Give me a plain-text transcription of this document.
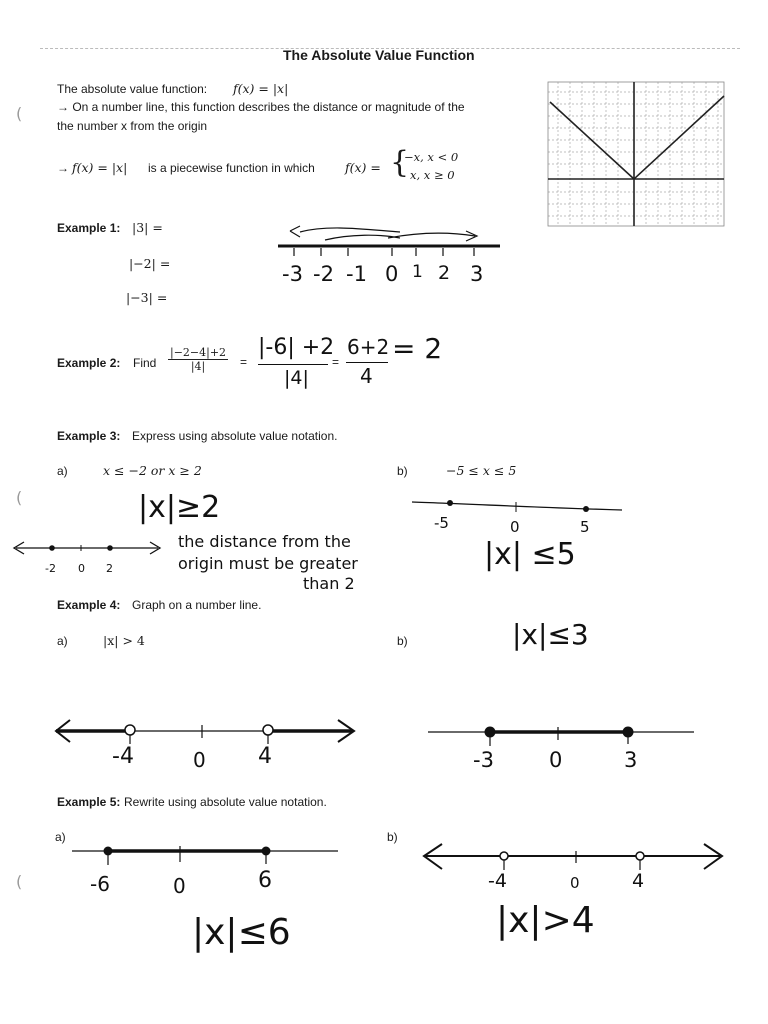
The Absolute Value Function
(
(
(
The absolute value function: f(x) = |x|
→ On a number line, this function describes the distance or magnitude of the
the number x from the origin
→ f(x) = |x| is a piecewise function in which f(x) = {
−x, x < 0
x, x ≥ 0
Example 1: |3| =
|−2| =
|−3| =
-3 -2 -1 0 1 2 3
Example 2: Find $\frac{|-2-4|+2}{|4|}$ =
|-6| +2
|4|
=
6+2
4
= 2
Example 3: Express using absolute value notation.
a)	x ≤ −2 or x ≥ 2
|x|≥2
-2 0 2
the distance from the
origin must be greater
than 2
b)	−5 ≤ x ≤ 5
-5	0	5
|x| ≤5
Example 4: Graph on a number line.
a)	|x| > 4	b)	|x|≤3
-4	0 4	-3	0	3
Example 5: Rewrite using absolute value notation.
a)	b)
-6	0	6
|x|≤6
-4	0	4
|x|>4
